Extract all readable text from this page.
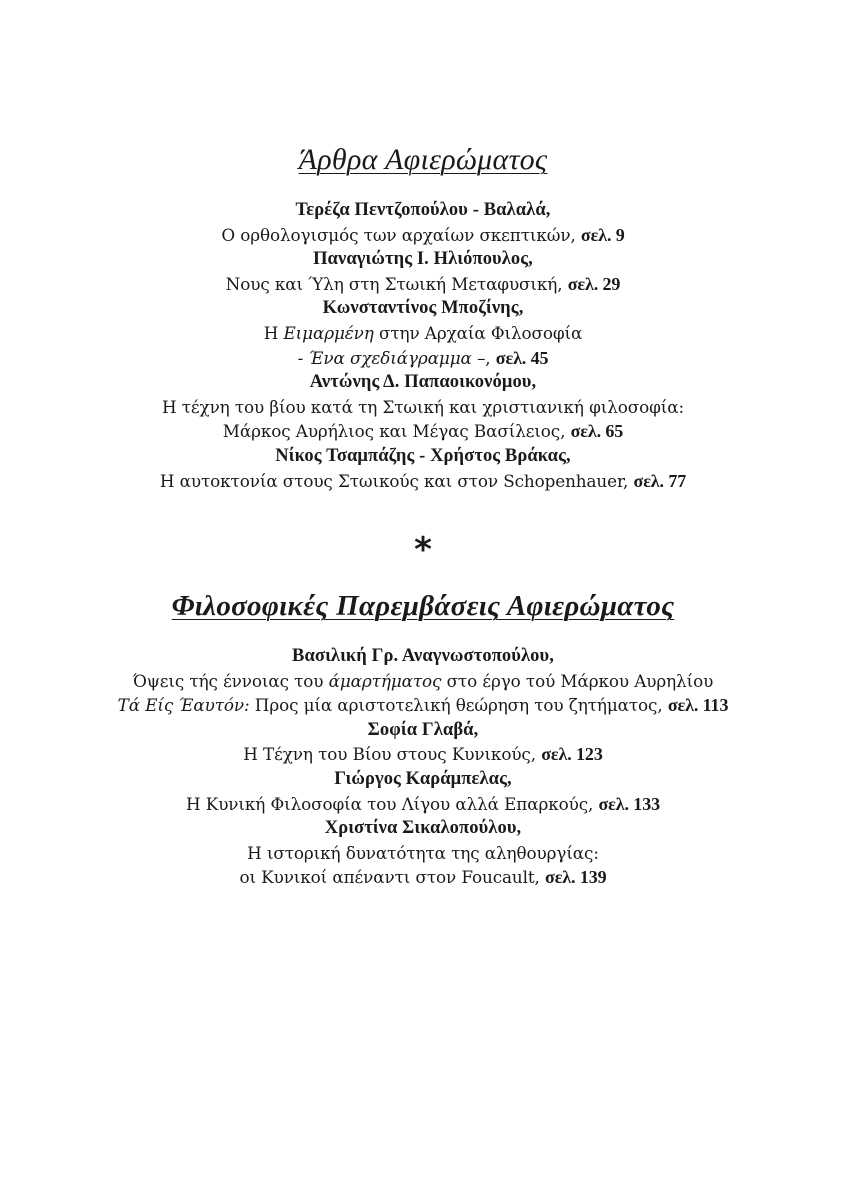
Άρθρα Αφιερώματος
Τερέζα Πεντζοπούλου - Βαλαλά,
Ο ορθολογισμός των αρχαίων σκεπτικών, σελ. 9
Παναγιώτης Ι. Ηλιόπουλος,
Νους και Ύλη στη Στωική Μεταφυσική, σελ. 29
Κωνσταντίνος Μποζίνης,
Η Ειμαρμένη στην Αρχαία Φιλοσοφία
- Ένα σχεδιάγραμμα –, σελ. 45
Αντώνης Δ. Παπαοικονόμου,
Η τέχνη του βίου κατά τη Στωική και χριστιανική φιλοσοφία:
Μάρκος Αυρήλιος και Μέγας Βασίλειος, σελ. 65
Νίκος Τσαμπάζης - Χρήστος Βράκας,
Η αυτοκτονία στους Στωικούς και στον Schopenhauer, σελ. 77
*
Φιλοσοφικές Παρεμβάσεις Αφιερώματος
Βασιλική Γρ. Αναγνωστοπούλου,
Όψεις τής έννοιας του άμαρτήματος στο έργο τού Μάρκου Αυρηλίου
Τά Είς Έαυτόν: Προς μία αριστοτελική θεώρηση του ζητήματος, σελ. 113
Σοφία Γλαβά,
Η Τέχνη του Βίου στους Κυνικούς, σελ. 123
Γιώργος Καράμπελας,
Η Κυνική Φιλοσοφία του Λίγου αλλά Επαρκούς, σελ. 133
Χριστίνα Σικαλοπούλου,
Η ιστορική δυνατότητα της αληθουργίας:
οι Κυνικοί απέναντι στον Foucault, σελ. 139
